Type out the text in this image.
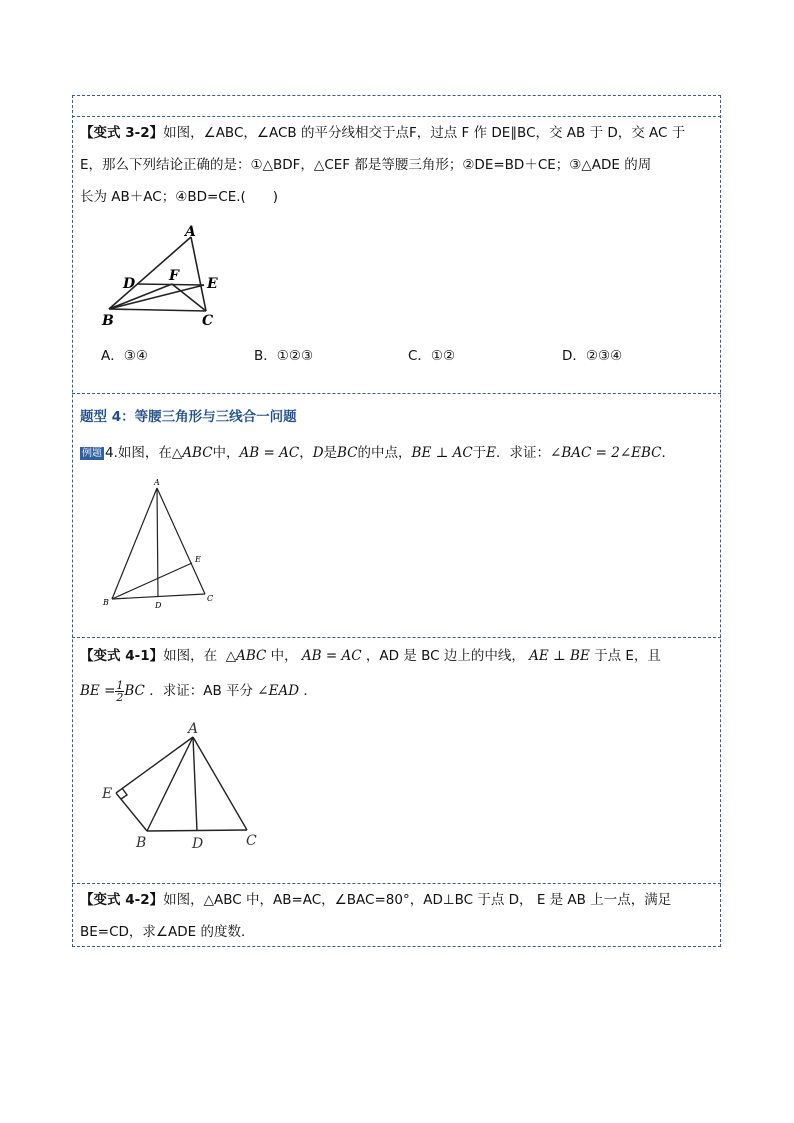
【变式 3-2】如图，∠ABC，∠ACB 的平分线相交于点F，过点 F 作 DE∥BC，交 AB 于 D，交 AC 于
E，那么下列结论正确的是：①△BDF，△CEF 都是等腰三角形；②DE=BD＋CE；③△ADE 的周
长为 AB＋AC；④BD=CE.(　　)
A
D F E
B	C
A．③④	B．①②③	C．①②	D．②③④
题型 4：等腰三角形与三线合一问题
例题 4.如图，在△ABC中，AB = AC，D是BC的中点，BE ⊥ AC于E．求证：∠BAC = 2∠EBC．
A
E
B	D
C
【变式 4-1】如图，在 △ABC 中， AB = AC ，AD 是 BC 边上的中线， AE ⊥ BE 于点 E，且
BE = $\frac{1}{2}$ BC ．求证：AB 平分 ∠EAD ．
A
E
B	D	C
【变式 4-2】如图，△ABC 中，AB=AC，∠BAC=80°，AD⊥BC 于点 D， E 是 AB 上一点，满足
BE=CD，求∠ADE 的度数．
